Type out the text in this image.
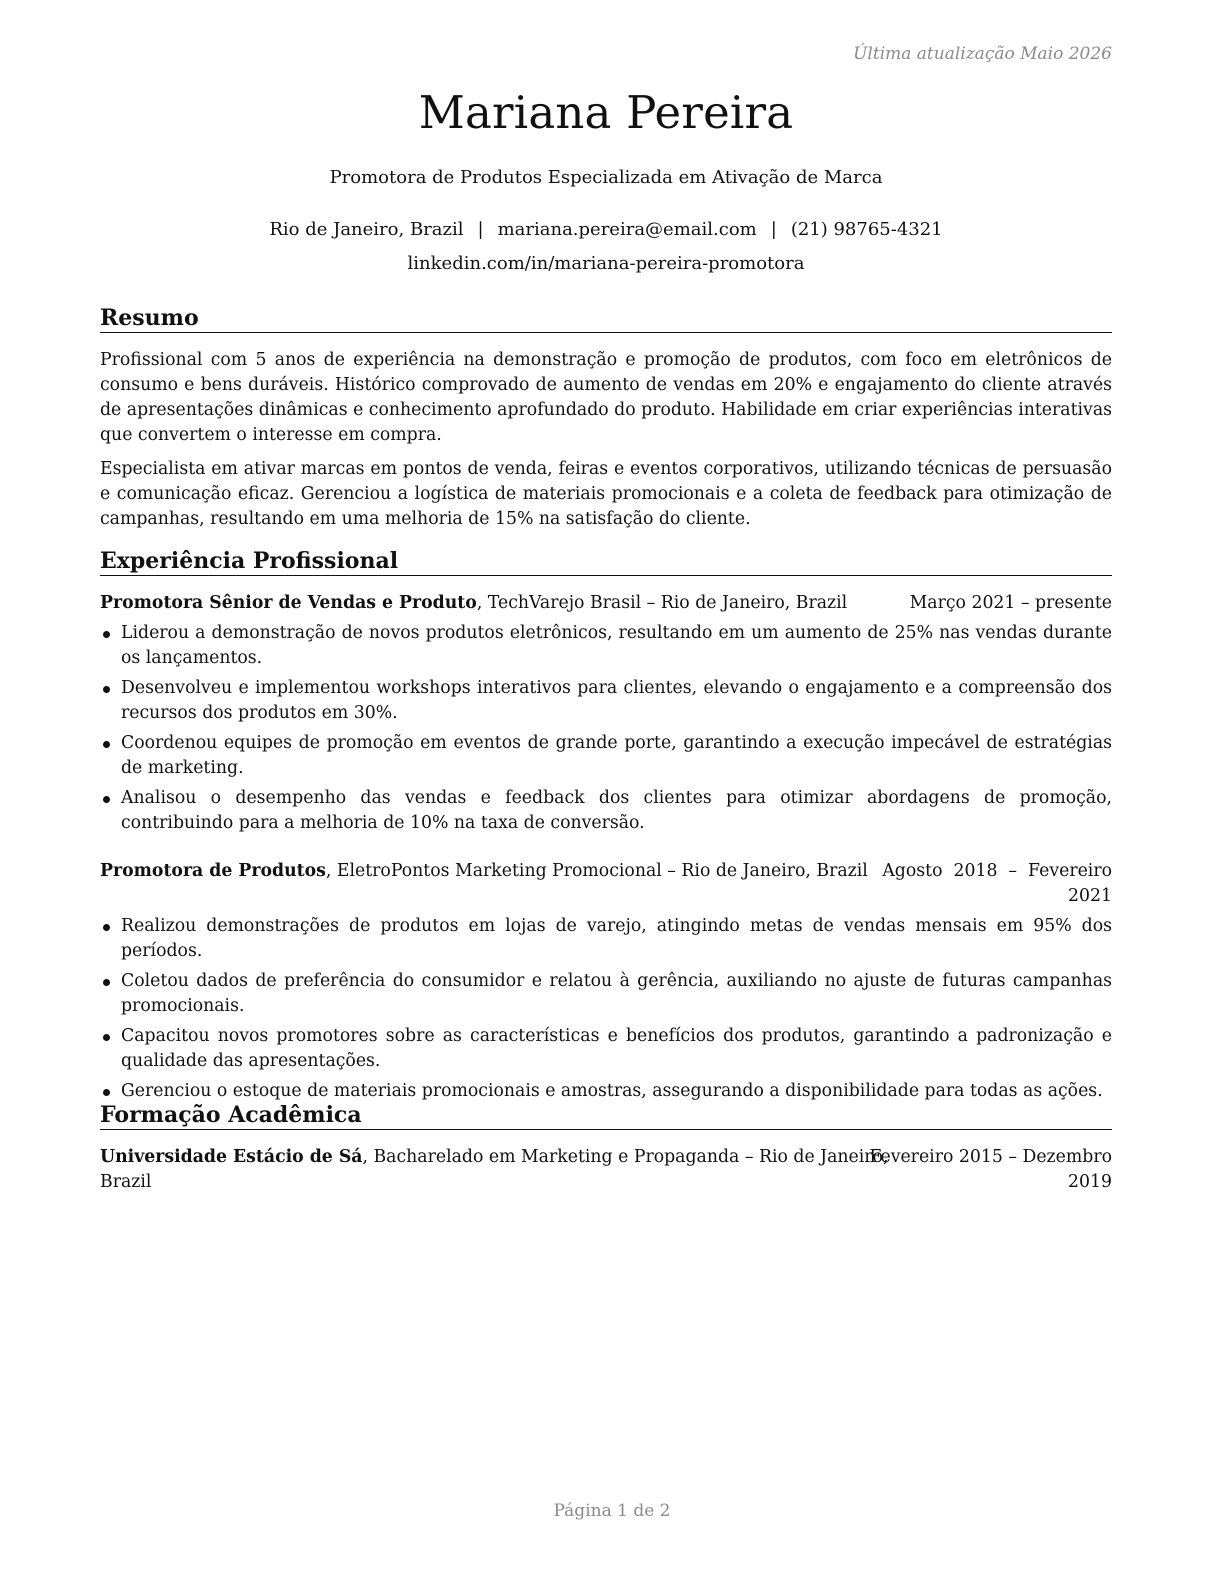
Última atualização Maio 2026
Mariana Pereira
Promotora de Produtos Especializada em Ativação de Marca
Rio de Janeiro, Brazil | mariana.pereira@email.com | (21) 98765-4321
linkedin.com/in/mariana-pereira-promotora
Resumo

Profissional com 5 anos de experiência na demonstração e promoção de produtos, com foco em eletrônicos de consumo e bens duráveis. Histórico comprovado de aumento de vendas em 20% e engajamento do cliente através de apresentações dinâmicas e conhecimento aprofundado do produto. Habilidade em criar experiências interativas que convertem o interesse em compra.

Especialista em ativar marcas em pontos de venda, feiras e eventos corporativos, utilizando técnicas de persuasão e comunicação eficaz. Gerenciou a logística de materiais promocionais e a coleta de feedback para otimização de campanhas, resultando em uma melhoria de 15% na satisfação do cliente.

Experiência Profissional
Promotora Sênior de Vendas e Produto, TechVarejo Brasil – Rio de Janeiro, Brazil	Março 2021 – presente
Liderou a demonstração de novos produtos eletrônicos, resultando em um aumento de 25% nas vendas durante os lançamentos.
Desenvolveu e implementou workshops interativos para clientes, elevando o engajamento e a compreensão dos recursos dos produtos em 30%.
Coordenou equipes de promoção em eventos de grande porte, garantindo a execução impecável de estratégias de marketing.
Analisou o desempenho das vendas e feedback dos clientes para otimizar abordagens de promoção, contribuindo para a melhoria de 10% na taxa de conversão.
Promotora de Produtos, EletroPontos Marketing Promocional – Rio de Janeiro, Brazil Agosto  2018  –  Fevereiro
2021
Realizou demonstrações de produtos em lojas de varejo, atingindo metas de vendas mensais em 95% dos períodos.
Coletou dados de preferência do consumidor e relatou à gerência, auxiliando no ajuste de futuras campanhas promocionais.
Capacitou novos promotores sobre as características e benefícios dos produtos, garantindo a padronização e qualidade das apresentações.
Gerenciou o estoque de materiais promocionais e amostras, assegurando a disponibilidade para todas as ações.
Formação Acadêmica
Universidade Estácio de Sá, Bacharelado em Marketing e Propaganda – Rio de Janeiro,
Brazil
Fevereiro 2015 – Dezembro
2019
Página 1 de 2
